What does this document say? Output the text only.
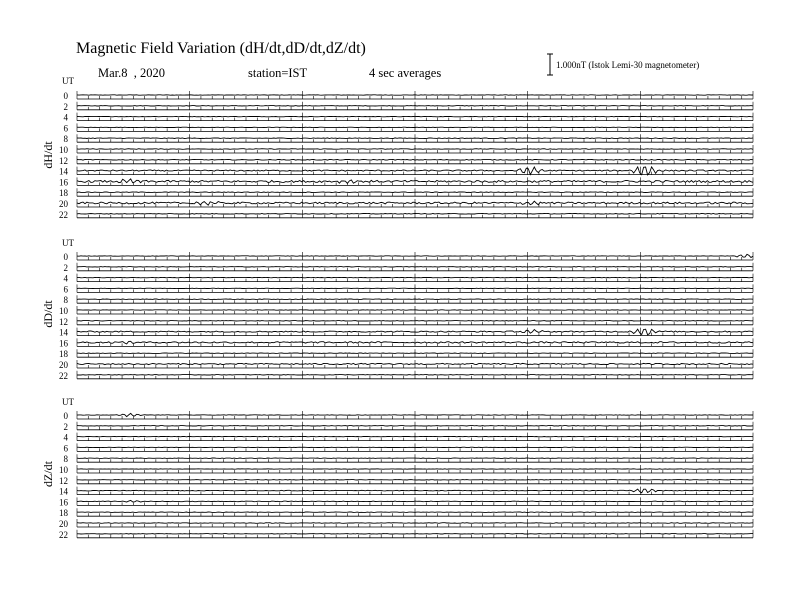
Magnetic Field Variation (dH/dt,dD/dt,dZ/dt)
Mar.8  , 2020	station=IST	4 sec averages
1.000nT (Istok Lemi-30 magnetometer)
UT
dH/dt
0
2
4
6
8
10
12
14
16
18
20
22
UT
dD/dt
0
2
4
6
8
10
12
14
16
18
20
22
UT
dZ/dt
0
2
4
6
8
10
12
14
16
18
20
22
